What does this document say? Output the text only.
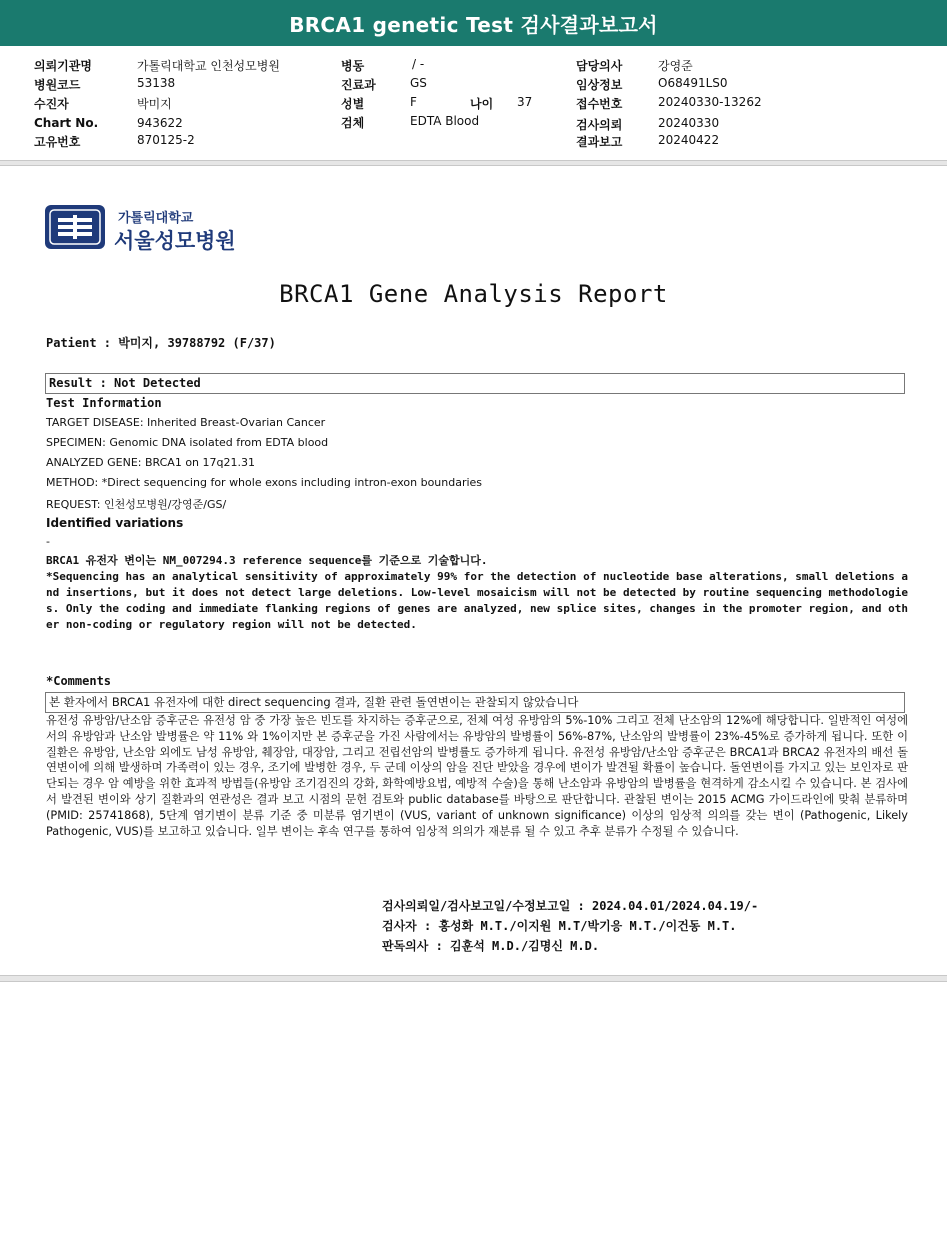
BRCA1 genetic Test 검사결과보고서
의뢰기관명	가톨릭대학교 인천성모병원
병원코드	53138
수진자	박미지
Chart No.	943622
고유번호	870125-2
병동	/ -
진료과	GS
성별	F	나이 37
검체	EDTA Blood
담당의사	강영준
임상정보	O68491LS0
접수번호	20240330-13262
검사의뢰	20240330
결과보고	20240422
가톨릭대학교
서울성모병원
BRCA1 Gene Analysis Report
Patient : 박미지, 39788792 (F/37)
Result : Not Detected
Test Information
TARGET DISEASE: Inherited Breast-Ovarian Cancer
SPECIMEN: Genomic DNA isolated from EDTA blood
ANALYZED GENE: BRCA1 on 17q21.31
METHOD: *Direct sequencing for whole exons including intron-exon boundaries
REQUEST: 인천성모병원/강영준/GS/
Identified variations
-
BRCA1 유전자 변이는 NM_007294.3 reference sequence를 기준으로 기술합니다.
*Sequencing has an analytical sensitivity of approximately 99% for the detection of nucleotide base alterations, small deletions and insertions, but it does not detect large deletions. Low-level mosaicism will not be detected by routine sequencing methodologies. Only the coding and immediate flanking regions of genes are analyzed, new splice sites, changes in the promoter region, and other non-coding or regulatory region will not be detected.
*Comments
본 환자에서 BRCA1 유전자에 대한 direct sequencing 결과, 질환 관련 돌연변이는 관찰되지 않았습니다
유전성 유방암/난소암 증후군은 유전성 암 중 가장 높은 빈도를 차지하는 증후군으로, 전체 여성 유방암의 5%-10% 그리고 전체 난소암의 12%에 해당합니다. 일반적인 여성에서의 유방암과 난소암 발병률은 약 11% 와 1%이지만 본 증후군을 가진 사람에서는 유방암의 발병률이 56%-87%, 난소암의 발병률이 23%-45%로 증가하게 됩니다. 또한 이 질환은 유방암, 난소암 외에도 남성 유방암, 췌장암, 대장암, 그리고 전립선암의 발병률도 증가하게 됩니다. 유전성 유방암/난소암 증후군은 BRCA1과 BRCA2 유전자의 배선 돌연변이에 의해 발생하며 가족력이 있는 경우, 조기에 발병한 경우, 두 군데 이상의 암을 진단 받았을 경우에 변이가 발견될 확률이 높습니다. 돌연변이를 가지고 있는 보인자로 판단되는 경우 암 예방을 위한 효과적 방법들(유방암 조기검진의 강화, 화학예방요법, 예방적 수술)을 통해 난소암과 유방암의 발병률을 현격하게 감소시킬 수 있습니다. 본 검사에서 발견된 변이와 상기 질환과의 연관성은 결과 보고 시점의 문헌 검토와 public database를 바탕으로 판단합니다. 관찰된 변이는 2015 ACMG 가이드라인에 맞춰 분류하며 (PMID: 25741868), 5단계 염기변이 분류 기준 중 미분류 염기변이 (VUS, variant of unknown significance) 이상의 임상적 의의를 갖는 변이 (Pathogenic, Likely Pathogenic, VUS)를 보고하고 있습니다. 일부 변이는 후속 연구를 통하여 임상적 의의가 재분류 될 수 있고 추후 분류가 수정될 수 있습니다.
검사의뢰일/검사보고일/수정보고일 : 2024.04.01/2024.04.19/-
검사자 : 홍성화 M.T./이지원 M.T/박기응 M.T./이건동 M.T.
판독의사 : 김훈석 M.D./김명신 M.D.
